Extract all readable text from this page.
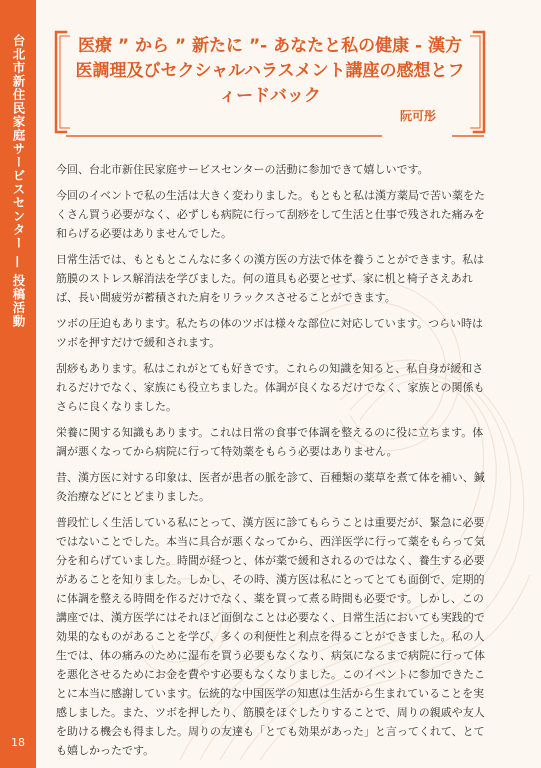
台北市新住民家庭サービスセンター — 投稿活動
18
医療 ” から ” 新たに ”- あなたと私の健康 - 漢方医調理及びセクシャルハラスメント講座の感想とフィードバック
阮可彤

今回、台北市新住民家庭サービスセンターの活動に参加できて嬉しいです。

今回のイベントで私の生活は大きく変わりました。もともと私は漢方薬局で苦い薬をたくさん買う必要がなく、必ずしも病院に行って刮痧をして生活と仕事で残された痛みを和らげる必要はありませんでした。

日常生活では、もともとこんなに多くの漢方医の方法で体を養うことができます。私は筋膜のストレス解消法を学びました。何の道具も必要とせず、家に机と椅子さえあれば、長い間疲労が蓄積された肩をリラックスさせることができます。

ツボの圧迫もあります。私たちの体のツボは様々な部位に対応しています。つらい時はツボを押すだけで緩和されます。

刮痧もあります。私はこれがとても好きです。これらの知識を知ると、私自身が緩和されるだけでなく、家族にも役立ちました。体調が良くなるだけでなく、家族との関係もさらに良くなりました。

栄養に関する知識もあります。これは日常の食事で体調を整えるのに役に立ちます。体調が悪くなってから病院に行って特効薬をもらう必要はありません。

昔、漢方医に対する印象は、医者が患者の脈を診て、百種類の薬草を煮て体を補い、鍼灸治療などにとどまりました。

普段忙しく生活している私にとって、漢方医に診てもらうことは重要だが、緊急に必要ではないことでした。本当に具合が悪くなってから、西洋医学に行って薬をもらって気分を和らげていました。時間が経つと、体が薬で緩和されるのではなく、養生する必要があることを知りました。しかし、その時、漢方医は私にとってとても面倒で、定期的に体調を整える時間を作るだけでなく、薬を買って煮る時間も必要です。しかし、この講座では、漢方医学にはそれほど面倒なことは必要なく、日常生活においても実践的で効果的なものがあることを学び、多くの利便性と利点を得ることができました。私の人生では、体の痛みのために湿布を買う必要もなくなり、病気になるまで病院に行って体を悪化させるためにお金を費やす必要もなくなりました。このイベントに参加できたことに本当に感謝しています。伝統的な中国医学の知恵は生活から生まれていることを実感しました。また、ツボを押したり、筋膜をほぐしたりすることで、周りの親戚や友人を助ける機会も得ました。周りの友達も「とても効果があった」と言ってくれて、とても嬉しかったです。
